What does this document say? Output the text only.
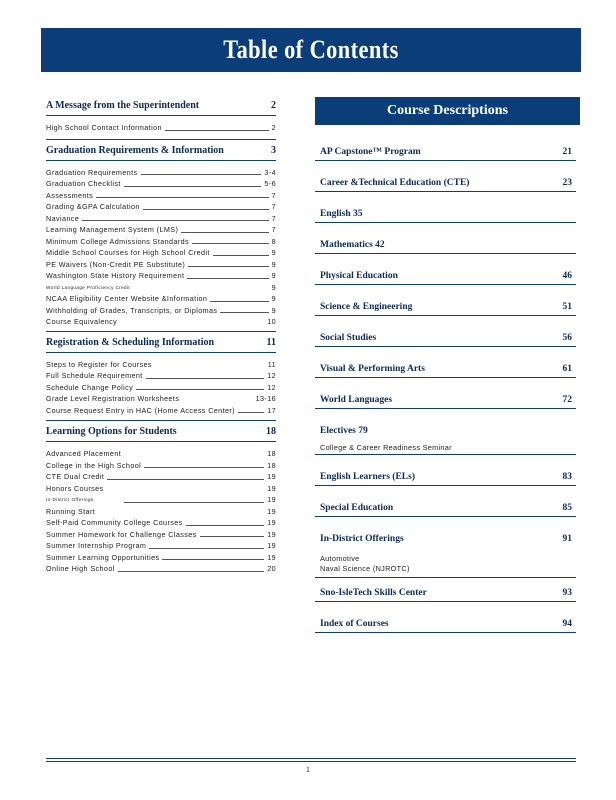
Table of Contents
A Message from the Superintendent	2
High School Contact Information	2
Graduation Requirements & Information	3
Graduation Requirements	3-4
Graduation Checklist	5-6
Assessments	7
Grading &GPA Calculation	7
Naviance	7
Learning Management System (LMS)	7
Minimum College Admissions Standards	8
Middle School Courses for High School Credit	9
PE Waivers (Non-Credit PE Substitute)	9
Washington State History Requirement	9
World Language Proficiency Credit	9
NCAA Eligibility Center Website &Information	9
Withholding of Grades, Transcripts, or Diplomas	9
Course Equivalency	10
Registration & Scheduling Information	11
Steps to Register for Courses	11
Full Schedule Requirement	12
Schedule Change Policy	12
Grade Level Registration Worksheets	13-16
Course Request Entry in HAC (Home Access Center)	17
Learning Options for Students	18
Advanced Placement	18
College in the High School	18
CTE Dual Credit	19
Honors Courses	19
In-District Offerings	19
Running Start	19
Self-Paid Community College Courses	19
Summer Homework for Challenge Classes	19
Summer Internship Program	19
Summer Learning Opportunities	19
Online High School	20
Course Descriptions
AP Capstone™ Program	21
Career &Technical Education (CTE)	23
English 35
Mathematics 42
Physical Education	46
Science & Engineering	51
Social Studies	56
Visual & Performing Arts	61
World Languages	72
Electives 79
College & Career Readiness Seminar
English Learners (ELs)	83
Special Education	85
In-District Offerings	91
Automotive
Naval Science (NJROTC)
Sno-IsleTech Skills Center	93
Index of Courses	94
1
